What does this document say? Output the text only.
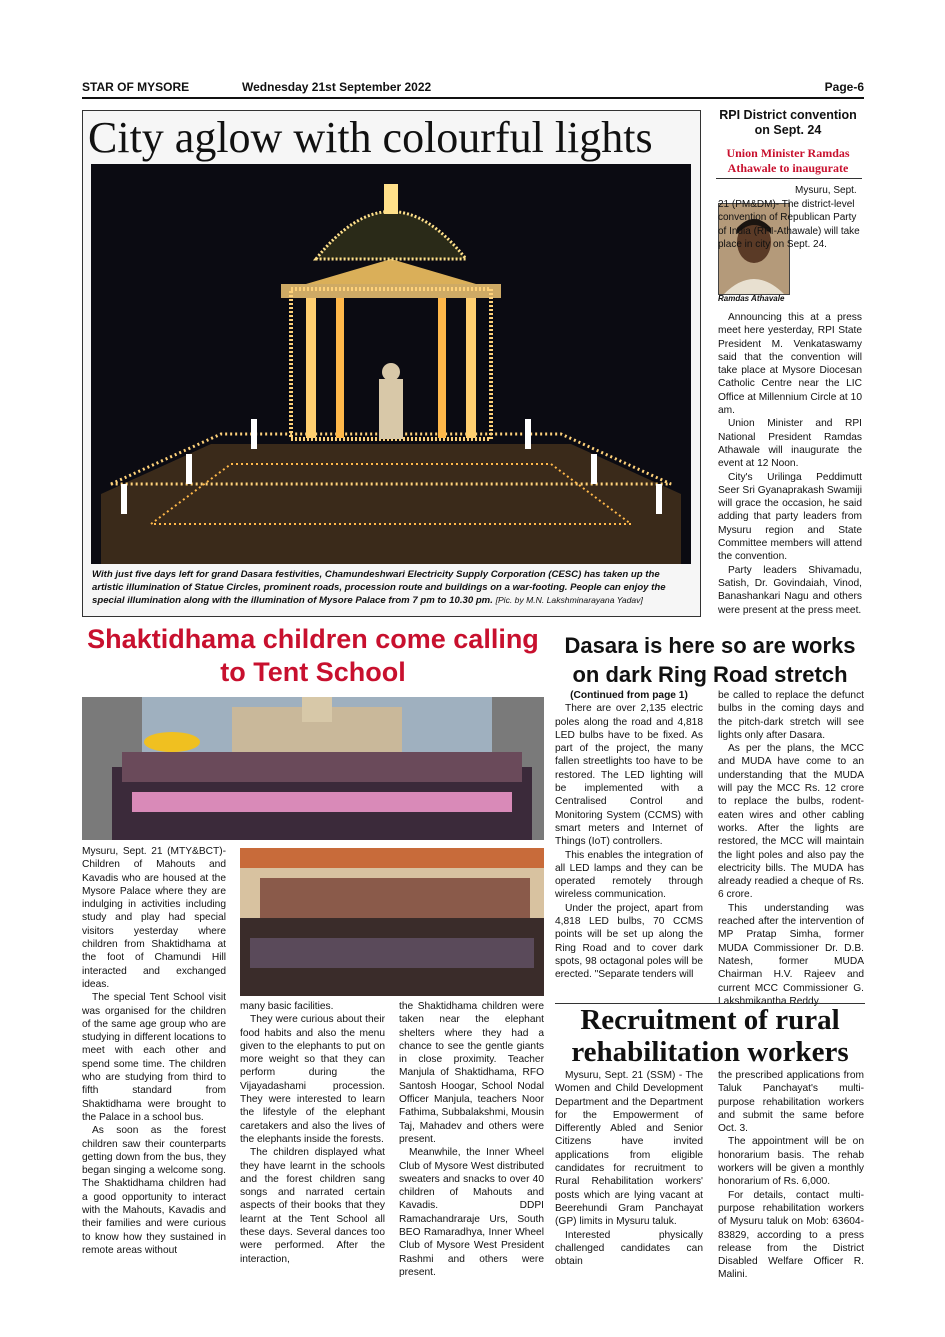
STAR OF MYSORE	Wednesday 21st September 2022	Page-6
City aglow with colourful lights
With just five days left for grand Dasara festivities, Chamundeshwari Electricity Supply Corporation (CESC) has taken up the artistic illumination of Statue Circles, prominent roads, procession route and buildings on a war-footing. People can enjoy the special illumination along with the illumination of Mysore Palace from 7 pm to 10.30 pm. [Pic. by M.N. Lakshminarayana Yadav]
RPI District convention on Sept. 24
Union Minister Ramdas Athawale to inaugurate
Ramdas Athavale

Mysuru, Sept. 21 (PM&DM)- The district-level convention of Republican Party of India (RPI-Athawale) will take place in city on Sept. 24.

Announcing this at a press meet here yesterday, RPI State President M. Venkataswamy said that the convention will take place at Mysore Diocesan Catholic Centre near the LIC Office at Millennium Circle at 10 am.

Union Minister and RPI National President Ramdas Athawale will inaugurate the event at 12 Noon.

City's Urilinga Peddimutt Seer Sri Gyanaprakash Swamiji will grace the occasion, he said adding that party leaders from Mysuru region and State Committee members will attend the convention.

Party leaders Shivamadu, Satish, Dr. Govindaiah, Vinod, Banashankari Nagu and others were present at the press meet.

Shaktidhama children come calling to Tent School

Mysuru, Sept. 21 (MTY&BCT)- Children of Mahouts and Kavadis who are housed at the Mysore Palace where they are indulging in activities including study and play had special visitors yesterday where children from Shaktidhama at the foot of Chamundi Hill interacted and exchanged ideas.

The special Tent School visit was organised for the children of the same age group who are studying in different locations to meet with each other and spend some time. The children who are studying from third to fifth standard from Shaktidhama were brought to the Palace in a school bus.

As soon as the forest children saw their counterparts getting down from the bus, they began singing a welcome song. The Shaktidhama children had a good opportunity to interact with the Mahouts, Kavadis and their families and were curious to know how they sustained in remote areas without

many basic facilities.

They were curious about their food habits and also the menu given to the elephants to put on more weight so that they can perform during the Vijayadashami procession. They were interested to learn the lifestyle of the elephant caretakers and also the lives of the elephants inside the forests.

The children displayed what they have learnt in the schools and the forest children sang songs and narrated certain aspects of their books that they learnt at the Tent School all these days. Several dances too were performed. After the interaction,

the Shaktidhama children were taken near the elephant shelters where they had a chance to see the gentle giants in close proximity. Teacher Manjula of Shaktidhama, RFO Santosh Hoogar, School Nodal Officer Manjula, teachers Noor Fathima, Subbalakshmi, Mousin Taj, Mahadev and others were present.

Meanwhile, the Inner Wheel Club of Mysore West distributed sweaters and snacks to over 40 children of Mahouts and Kavadis. DDPI Ramachandraraje Urs, South BEO Ramaradhya, Inner Wheel Club of Mysore West President Rashmi and others were present.

Dasara is here so are works on dark Ring Road stretch

(Continued from page 1)

There are over 2,135 electric poles along the road and 4,818 LED bulbs have to be fixed. As part of the project, the many fallen streetlights too have to be restored. The LED lighting will be implemented with a Centralised Control and Monitoring System (CCMS) with smart meters and Internet of Things (IoT) controllers.

This enables the integration of all LED lamps and they can be operated remotely through wireless communication.

Under the project, apart from 4,818 LED bulbs, 70 CCMS points will be set up along the Ring Road and to cover dark spots, 98 octagonal poles will be erected. "Separate tenders will

be called to replace the defunct bulbs in the coming days and the pitch-dark stretch will see lights only after Dasara.

As per the plans, the MCC and MUDA have come to an understanding that the MUDA will pay the MCC Rs. 12 crore to replace the bulbs, rodent-eaten wires and other cabling works. After the lights are restored, the MCC will maintain the light poles and also pay the electricity bills. The MUDA has already readied a cheque of Rs. 6 crore.

This understanding was reached after the intervention of MP Pratap Simha, former MUDA Commissioner Dr. D.B. Natesh, former MUDA Chairman H.V. Rajeev and current MCC Commissioner G. Lakshmikantha Reddy.

Recruitment of rural rehabilitation workers

Mysuru, Sept. 21 (SSM) - The Women and Child Development Department and the Department for the Empowerment of Differently Abled and Senior Citizens have invited applications from eligible candidates for recruitment to Rural Rehabilitation workers' posts which are lying vacant at Beerehundi Gram Panchayat (GP) limits in Mysuru taluk.

Interested physically challenged candidates can obtain

the prescribed applications from Taluk Panchayat's multi-purpose rehabilitation workers and submit the same before Oct. 3.

The appointment will be on honorarium basis. The rehab workers will be given a monthly honorarium of Rs. 6,000.

For details, contact multi-purpose rehabilitation workers of Mysuru taluk on Mob: 63604-83829, according to a press release from the District Disabled Welfare Officer R. Malini.
